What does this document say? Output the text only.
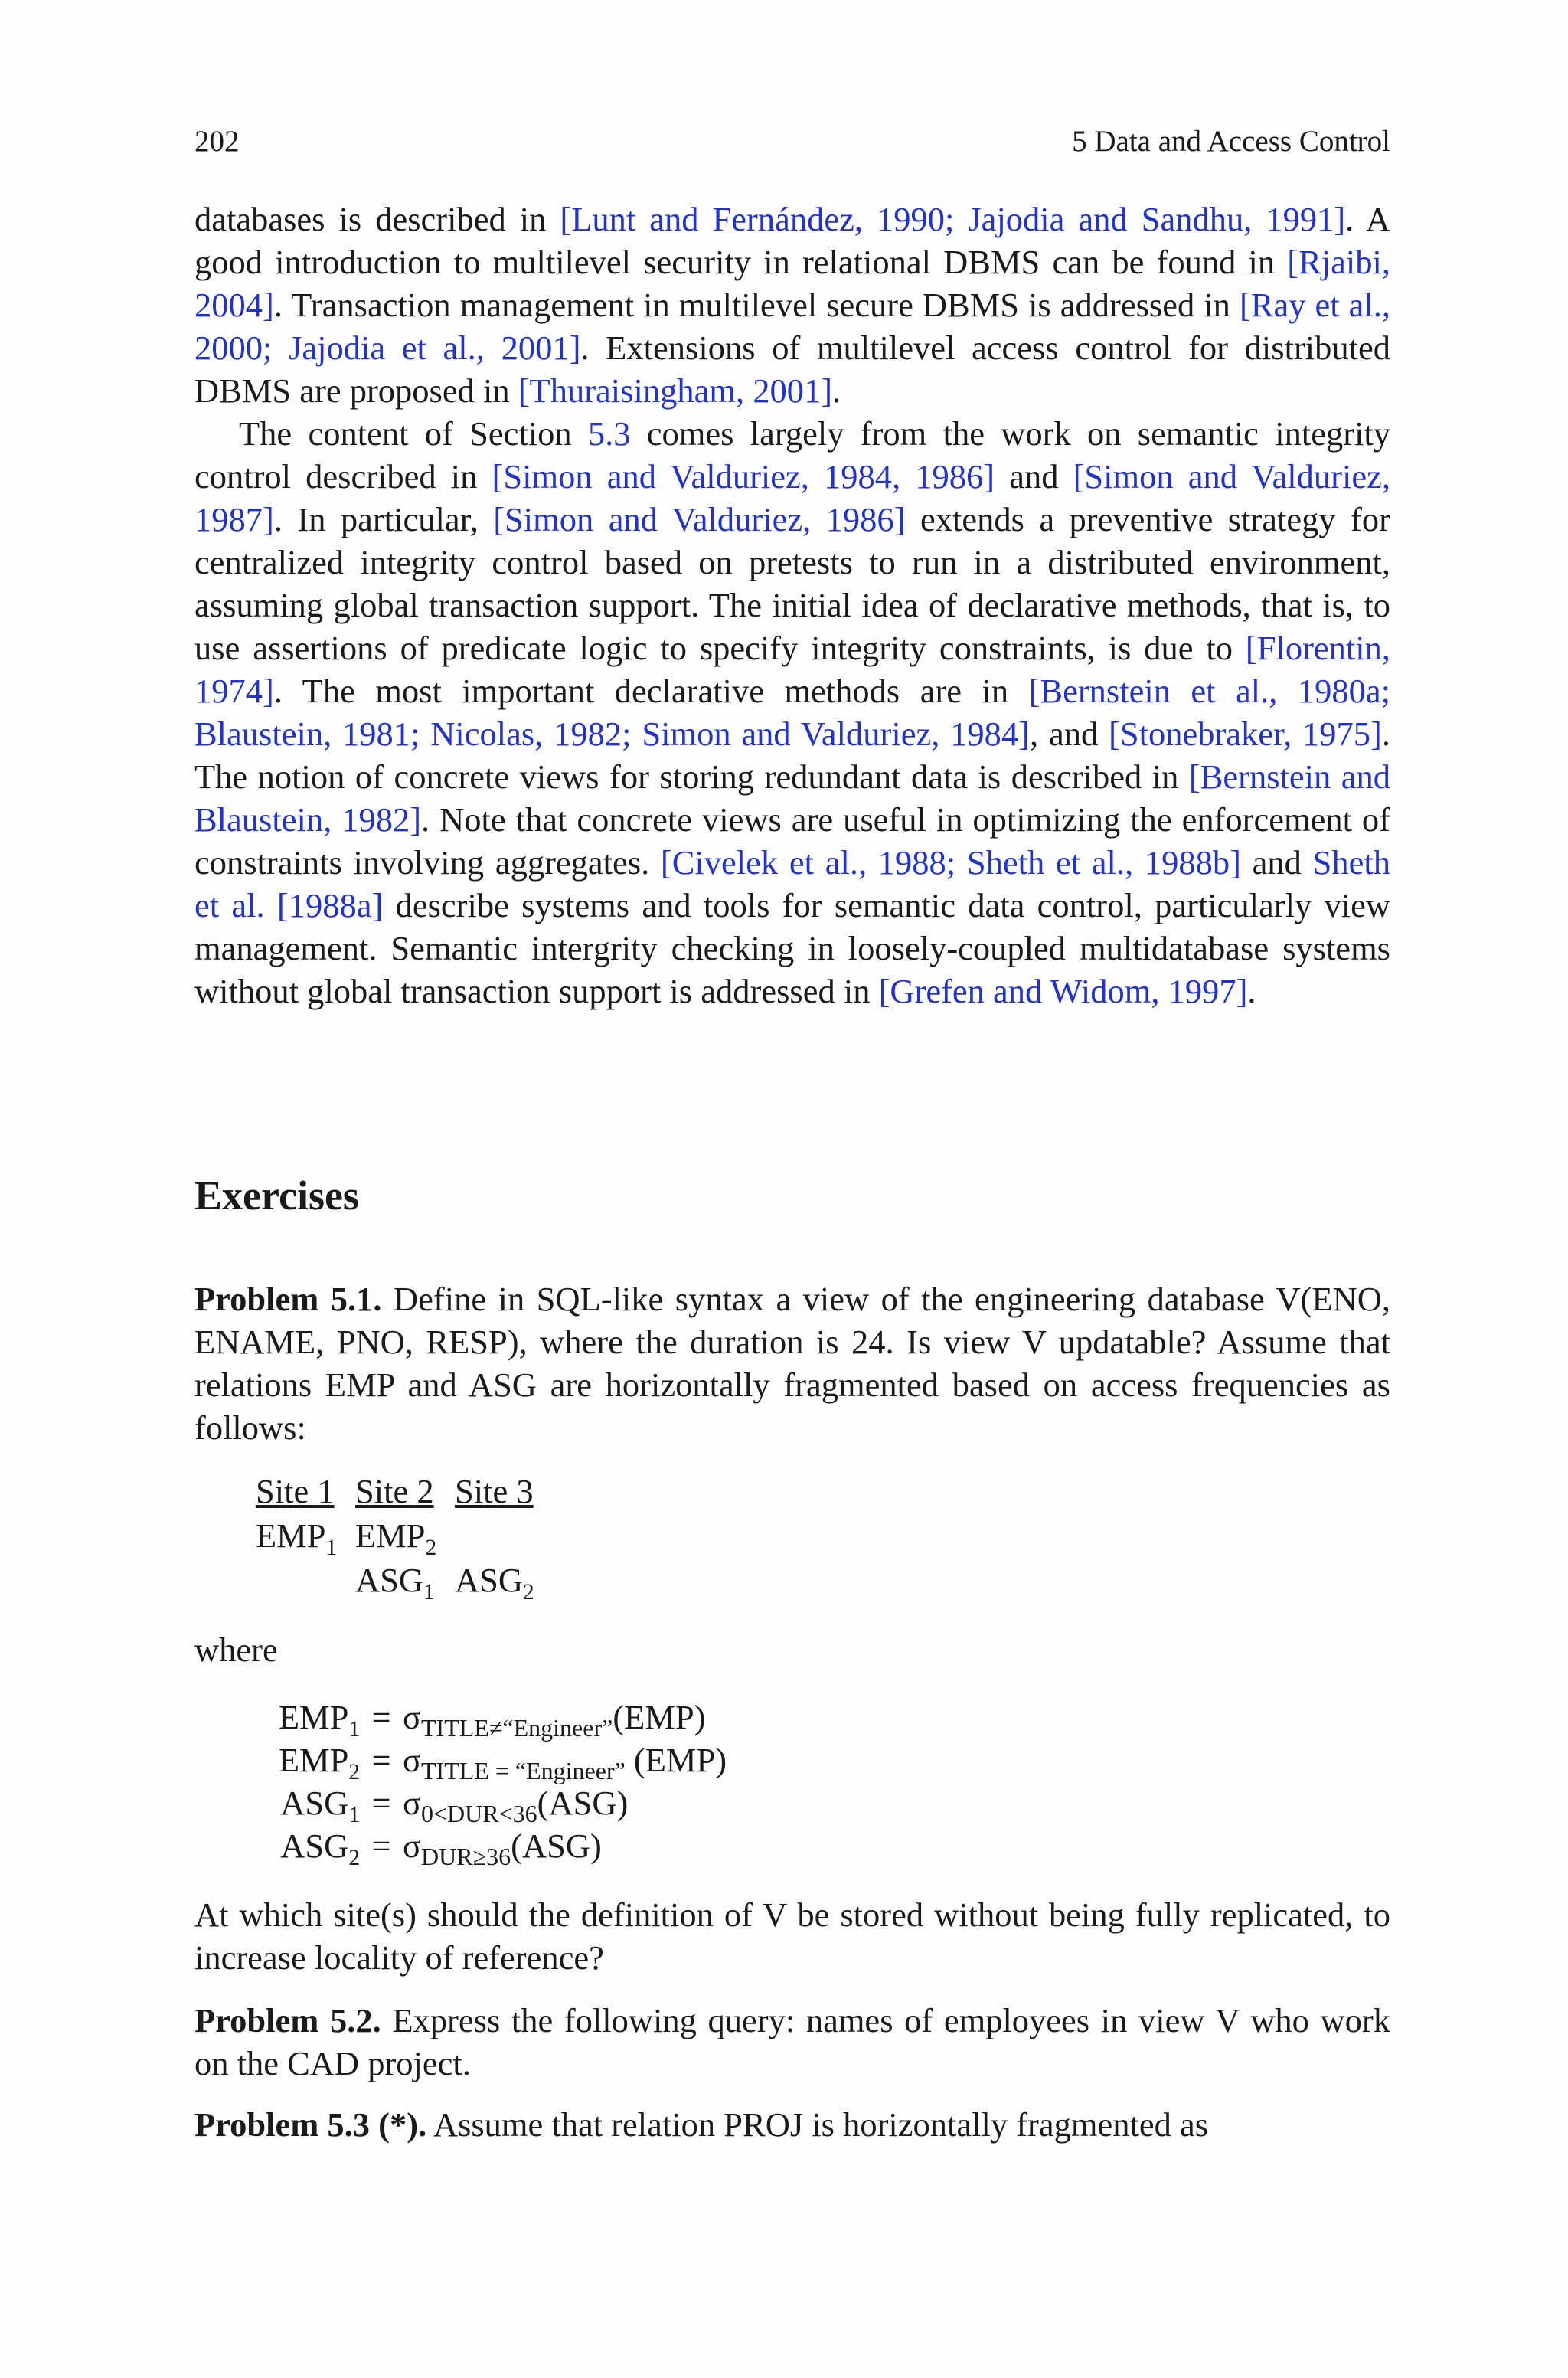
202	5 Data and Access Control

databases is described in [Lunt and Fernández, 1990; Jajodia and Sandhu, 1991]. A good introduction to multilevel security in relational DBMS can be found in [Rjaibi, 2004]. Transaction management in multilevel secure DBMS is addressed in [Ray et al., 2000; Jajodia et al., 2001]. Extensions of multilevel access control for distributed DBMS are proposed in [Thuraisingham, 2001].

The content of Section 5.3 comes largely from the work on semantic integrity control described in [Simon and Valduriez, 1984, 1986] and [Simon and Valduriez, 1987]. In particular, [Simon and Valduriez, 1986] extends a preventive strategy for centralized integrity control based on pretests to run in a distributed environment, assuming global transaction support. The initial idea of declarative methods, that is, to use assertions of predicate logic to specify integrity constraints, is due to [Florentin, 1974]. The most important declarative methods are in [Bernstein et al., 1980a; Blaustein, 1981; Nicolas, 1982; Simon and Valduriez, 1984], and [Stonebraker, 1975]. The notion of concrete views for storing redundant data is described in [Bernstein and Blaustein, 1982]. Note that concrete views are useful in optimizing the enforcement of constraints involving aggregates. [Civelek et al., 1988; Sheth et al., 1988b] and Sheth et al. [1988a] describe systems and tools for semantic data control, particularly view management. Semantic intergrity checking in loosely-coupled multidatabase systems without global transaction support is addressed in [Grefen and Widom, 1997].

Exercises

Problem 5.1. Define in SQL-like syntax a view of the engineering database V(ENO, ENAME, PNO, RESP), where the duration is 24. Is view V updatable? Assume that relations EMP and ASG are horizontally fragmented based on access frequencies as follows:

Site 1 Site 2 Site 3
$EMP_1$ $EMP_2$
$ASG_1$ $ASG_2$
where
$EMP_1 = \sigma_{TITLE\ne“Engineer”}(EMP)$
$EMP_2 = \sigma_{TITLE = “Engineer”}$ (EMP)
$ASG_1 = \sigma_{0<DUR<36}(ASG)$
$ASG_2 = \sigma_{DUR\ge 36}(ASG)$
At which site(s) should the definition of V be stored without being fully replicated, to increase locality of reference?

Problem 5.2. Express the following query: names of employees in view V who work on the CAD project.

Problem 5.3 (*). Assume that relation PROJ is horizontally fragmented as
